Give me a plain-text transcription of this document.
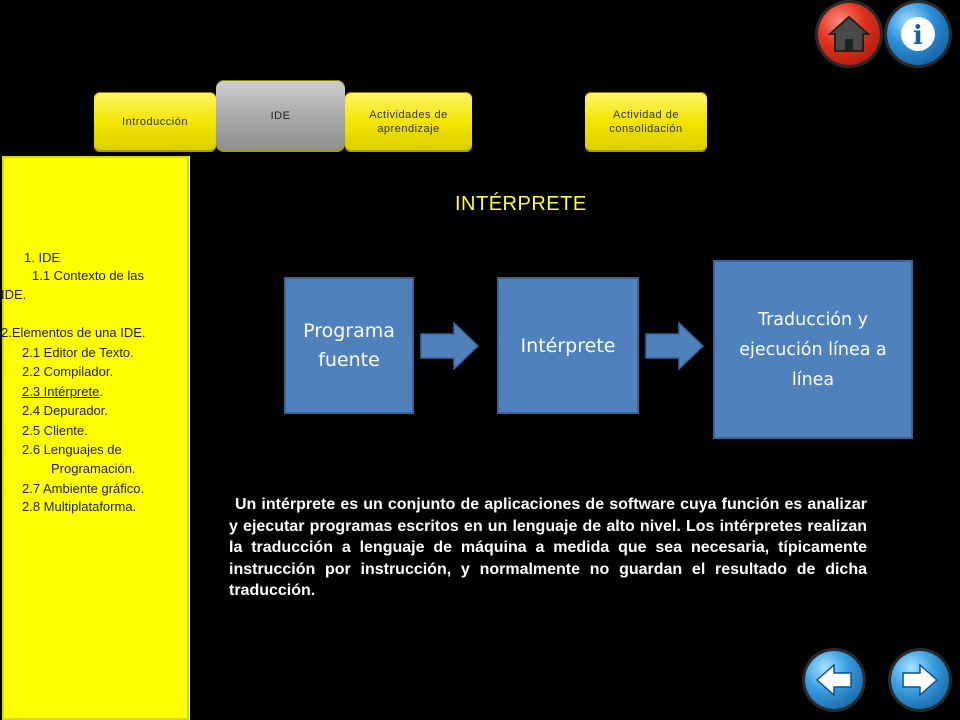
i
Introducción	IDE	Actividades de aprendizaje
Actividad de consolidación
1. IDE
1.1 Contexto de las
IDE.
2.Elementos de una IDE.
2.1 Editor de Texto.
2.2 Compilador.
2.3 Intérprete.
2.4 Depurador.
2.5 Cliente.
2.6 Lenguajes de
Programación.
2.7 Ambiente gráfico.
2.8 Multiplataforma.
INTÉRPRETE
Programa fuente
Intérprete
Traducción y ejecución línea a línea
Un intérprete es un conjunto de aplicaciones de software cuya función es analizar y ejecutar programas escritos en un lenguaje de alto nivel. Los intérpretes realizan la traducción a lenguaje de máquina a medida que sea necesaria, típicamente instrucción por instrucción, y normalmente no guardan el resultado de dicha traducción.
